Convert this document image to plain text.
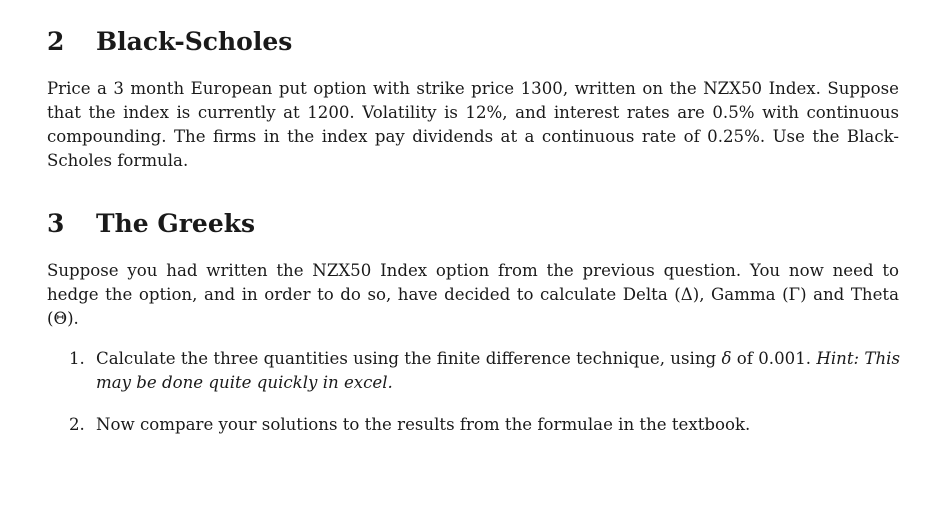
2 Black-Scholes
Price a 3 month European put option with strike price 1300, written on the NZX50 Index. Suppose
that the index is currently at 1200. Volatility is 12%, and interest rates are 0.5% with continuous
compounding. The firms in the index pay dividends at a continuous rate of 0.25%. Use the Black-
Scholes formula.
3 The Greeks
Suppose you had written the NZX50 Index option from the previous question. You now need to
hedge the option, and in order to do so, have decided to calculate Delta (Δ), Gamma (Γ) and Theta
(Θ).
1. Calculate the three quantities using the finite difference technique, using δ of 0.001. Hint: This
may be done quite quickly in excel.
2. Now compare your solutions to the results from the formulae in the textbook.
